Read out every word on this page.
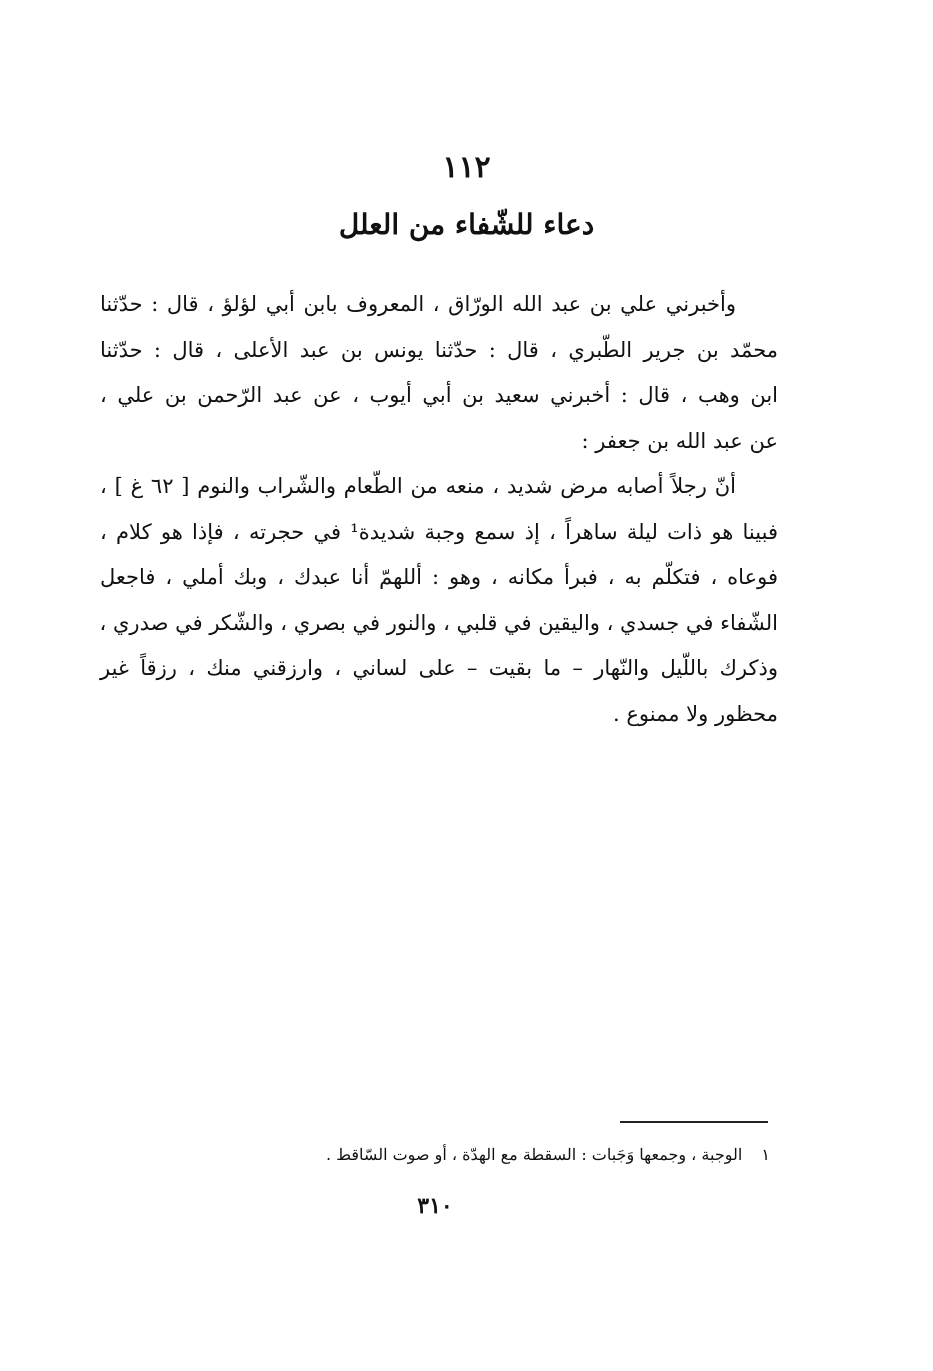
١١٢
دعاء للشّفاء من العلل
وأخبرني علي بن عبد الله الورّاق ، المعروف بابن أبي لؤلؤ ، قال : حدّثنا
محمّد بن جرير الطّبري ، قال : حدّثنا يونس بن عبد الأعلى ، قال : حدّثنا
ابن وهب ، قال : أخبرني سعيد بن أبي أيوب ، عن عبد الرّحمن بن علي ،
عن عبد الله بن جعفر :
أنّ رجلاً أصابه مرض شديد ، منعه من الطّعام والشّراب والنوم [ ٦٢ غ ] ،
فبينا هو ذات ليلة ساهراً ، إذ سمع وجبة شديدة¹ في حجرته ، فإذا هو كلام ،
فوعاه ، فتكلّم به ، فبرأ مكانه ، وهو : أللهمّ أنا عبدك ، وبك أملي ، فاجعل
الشّفاء في جسدي ، واليقين في قلبي ، والنور في بصري ، والشّكر في صدري ،
وذكرك باللّيل والنّهار – ما بقيت – على لساني ، وارزقني منك ، رزقاً غير
محظور ولا ممنوع .
١ الوجبة ، وجمعها وَجَبات : السقطة مع الهدّة ، أو صوت السّاقط .
٣١٠
